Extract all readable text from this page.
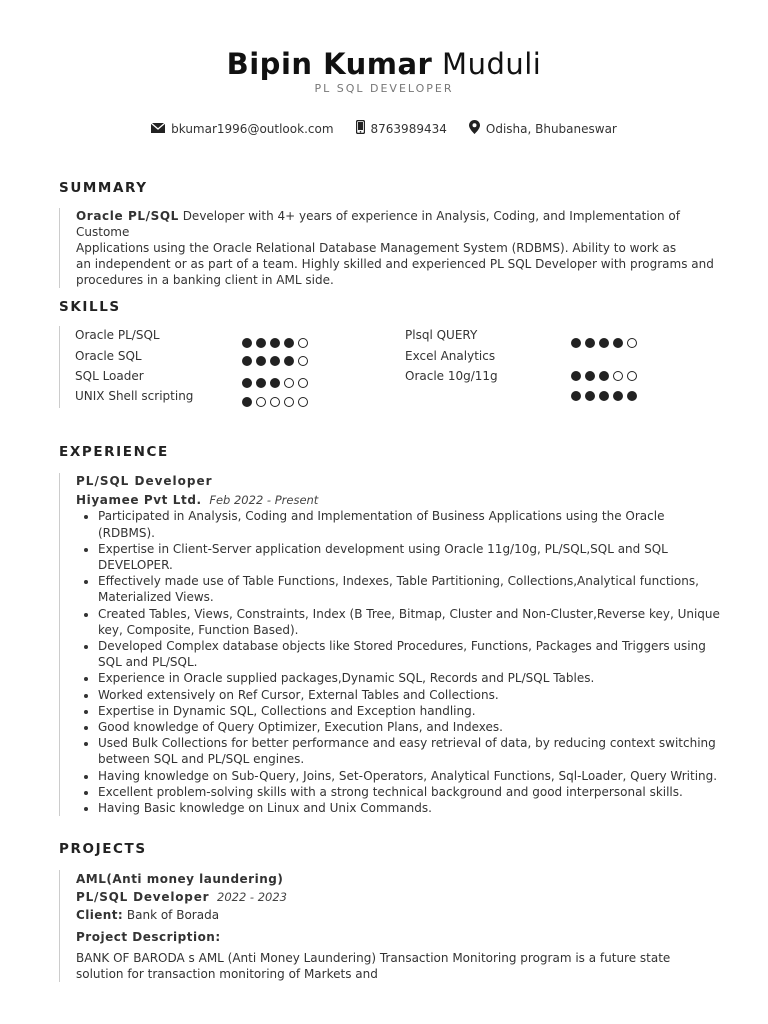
Bipin Kumar Muduli
PL SQL DEVELOPER
bkumar1996@outlook.com	8763989434	Odisha, Bhubaneswar
SUMMARY
Oracle PL/SQL Developer with 4+ years of experience in Analysis, Coding, and Implementation of Custome
Applications using the Oracle Relational Database Management System (RDBMS). Ability to work as
an independent or as part of a team. Highly skilled and experienced PL SQL Developer with programs and
procedures in a banking client in AML side.
SKILLS
Oracle PL/SQL
Oracle SQL
SQL Loader
UNIX Shell scripting
Plsql QUERY
Excel Analytics
Oracle 10g/11g
EXPERIENCE
PL/SQL Developer
Hiyamee Pvt Ltd. Feb 2022 - Present
• Participated in Analysis, Coding and Implementation of Business Applications using the Oracle
(RDBMS).
• Expertise in Client-Server application development using Oracle 11g/10g, PL/SQL,SQL and SQL
DEVELOPER.
• Effectively made use of Table Functions, Indexes, Table Partitioning, Collections,Analytical functions,
Materialized Views.
• Created Tables, Views, Constraints, Index (B Tree, Bitmap, Cluster and Non-Cluster,Reverse key, Unique
key, Composite, Function Based).
• Developed Complex database objects like Stored Procedures, Functions, Packages and Triggers using
SQL and PL/SQL.
• Experience in Oracle supplied packages,Dynamic SQL, Records and PL/SQL Tables.
• Worked extensively on Ref Cursor, External Tables and Collections.
• Expertise in Dynamic SQL, Collections and Exception handling.
• Good knowledge of Query Optimizer, Execution Plans, and Indexes.
• Used Bulk Collections for better performance and easy retrieval of data, by reducing context switching
between SQL and PL/SQL engines.
• Having knowledge on Sub-Query, Joins, Set-Operators, Analytical Functions, Sql-Loader, Query Writing.
• Excellent problem-solving skills with a strong technical background and good interpersonal skills.
• Having Basic knowledge on Linux and Unix Commands.
PROJECTS
AML(Anti money laundering)
PL/SQL Developer 2022 - 2023
Client: Bank of Borada
Project Description:
BANK OF BARODA s AML (Anti Money Laundering) Transaction Monitoring program is a future state
solution for transaction monitoring of Markets and
